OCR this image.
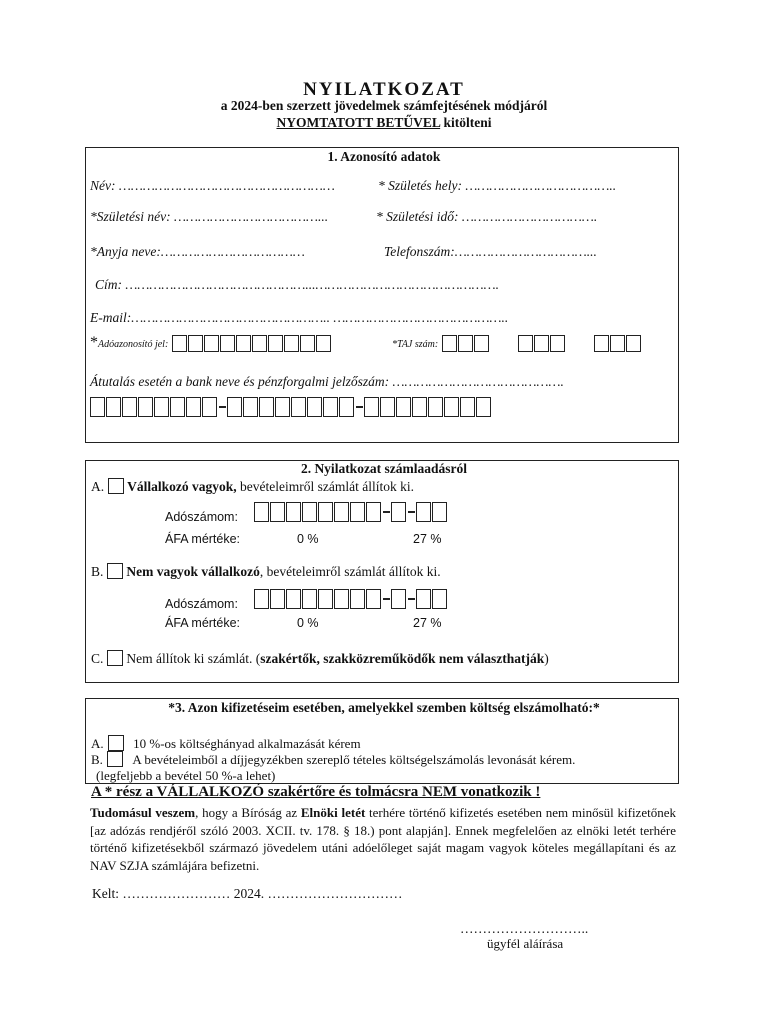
NYILATKOZAT
a 2024-ben szerzett jövedelmek számfejtésének módjáról
NYOMTATOTT BETŰVEL kitölteni
1. Azonosító adatok
Név: ………………………………………………	* Születés hely: ………………………………..
*Születési név: ………………………………...	* Születési idő: …………………………….
*Anyja neve:………………………………	Telefonszám:……………………………...
Cím: ………………………………………...……………………………………….
E-mail:………………………………………….. ……………………………………..
*Adóazonosító jel:	*TAJ szám:
Átutalás esetén a bank neve és pénzforgalmi jelzőszám: …………………………………….
2. Nyilatkozat számlaadásról
A. Vállalkozó vagyok, bevételeimről számlát állítok ki.
Adószámom:
ÁFA mértéke:	0 %	27 %
B. Nem vagyok vállalkozó, bevételeimről számlát állítok ki.
Adószámom:
ÁFA mértéke:	0 %	27 %
C. Nem állítok ki számlát. (szakértők, szakközreműködők nem választhatják)
*3. Azon kifizetéseim esetében, amelyekkel szemben költség elszámolható:*
A. 10 %-os költséghányad alkalmazását kérem
B. A bevételeimből a díjjegyzékben szereplő tételes költségelszámolás levonását kérem.
(legfeljebb a bevétel 50 %-a lehet)
A * rész a VÁLLALKOZÓ szakértőre és tolmácsra NEM vonatkozik !
Tudomásul veszem, hogy a Bíróság az Elnöki letét terhére történő kifizetés esetében nem minősül kifizetőnek [az adózás rendjéről szóló 2003. XCII. tv. 178. § 18.) pont alapján]. Ennek megfelelően az elnöki letét terhére történő kifizetésekből származó jövedelem utáni adóelőleget saját magam vagyok köteles megállapítani és az NAV SZJA számlájára befizetni.
Kelt: …………………… 2024. …………………………
………………………..
ügyfél aláírása
